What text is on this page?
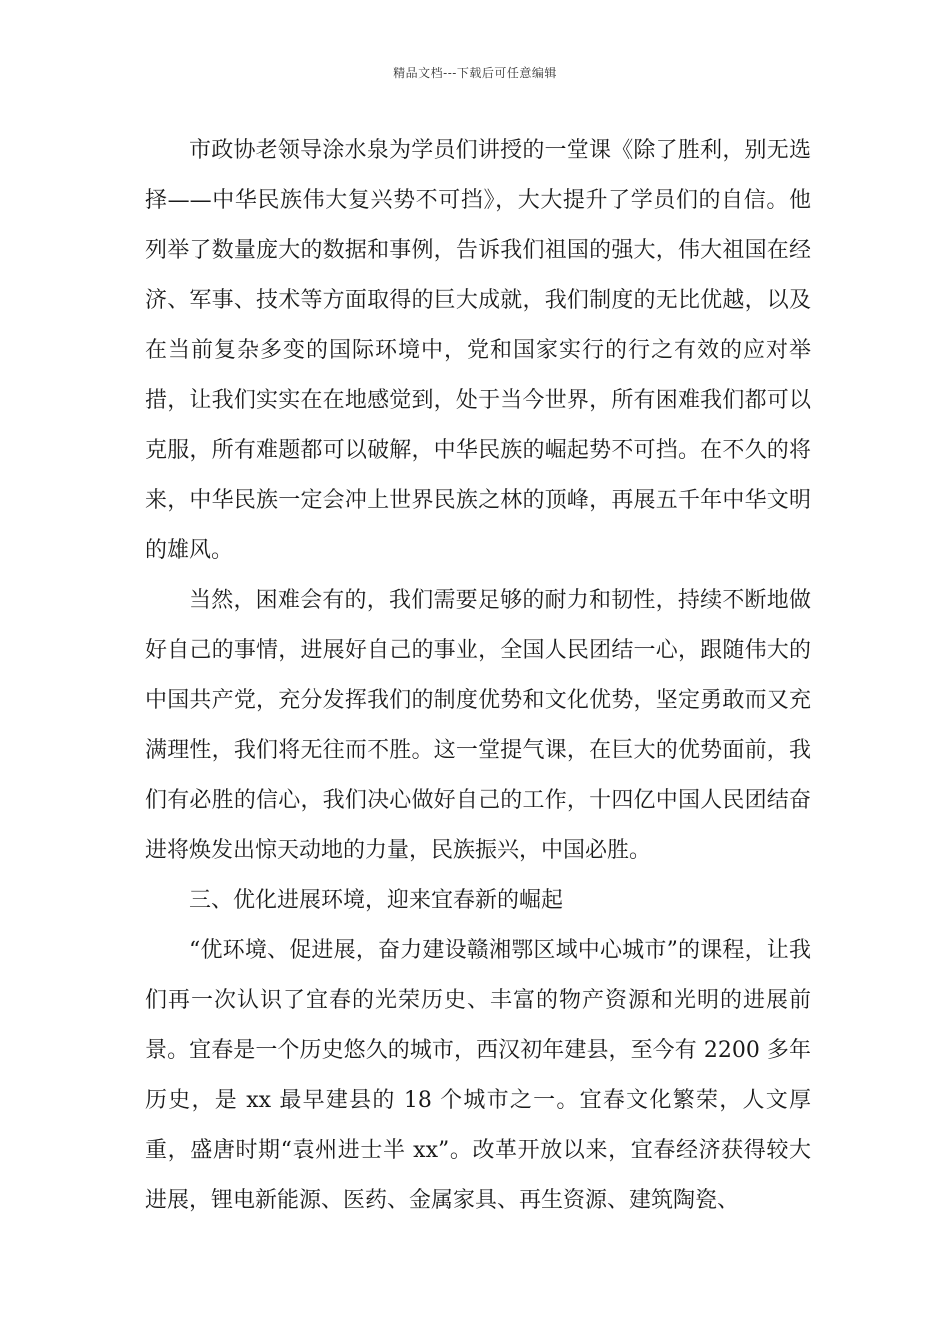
精品文档---下载后可任意编辑

市政协老领导涂水泉为学员们讲授的一堂课《除了胜利，别无选择——中华民族伟大复兴势不可挡》，大大提升了学员们的自信。他列举了数量庞大的数据和事例，告诉我们祖国的强大，伟大祖国在经济、军事、技术等方面取得的巨大成就，我们制度的无比优越，以及在当前复杂多变的国际环境中，党和国家实行的行之有效的应对举措，让我们实实在在地感觉到，处于当今世界，所有困难我们都可以克服，所有难题都可以破解，中华民族的崛起势不可挡。在不久的将来，中华民族一定会冲上世界民族之林的顶峰，再展五千年中华文明的雄风。

当然，困难会有的，我们需要足够的耐力和韧性，持续不断地做好自己的事情，进展好自己的事业，全国人民团结一心，跟随伟大的中国共产党，充分发挥我们的制度优势和文化优势，坚定勇敢而又充满理性，我们将无往而不胜。这一堂提气课，在巨大的优势面前，我们有必胜的信心，我们决心做好自己的工作，十四亿中国人民团结奋进将焕发出惊天动地的力量，民族振兴，中国必胜。

三、优化进展环境，迎来宜春新的崛起

“优环境、促进展，奋力建设赣湘鄂区域中心城市”的课程，让我们再一次认识了宜春的光荣历史、丰富的物产资源和光明的进展前景。宜春是一个历史悠久的城市，西汉初年建县，至今有 2200 多年历史，是 xx 最早建县的 18 个城市之一。宜春文化繁荣，人文厚重，盛唐时期“袁州进士半 xx”。改革开放以来，宜春经济获得较大进展，锂电新能源、医药、金属家具、再生资源、建筑陶瓷、
